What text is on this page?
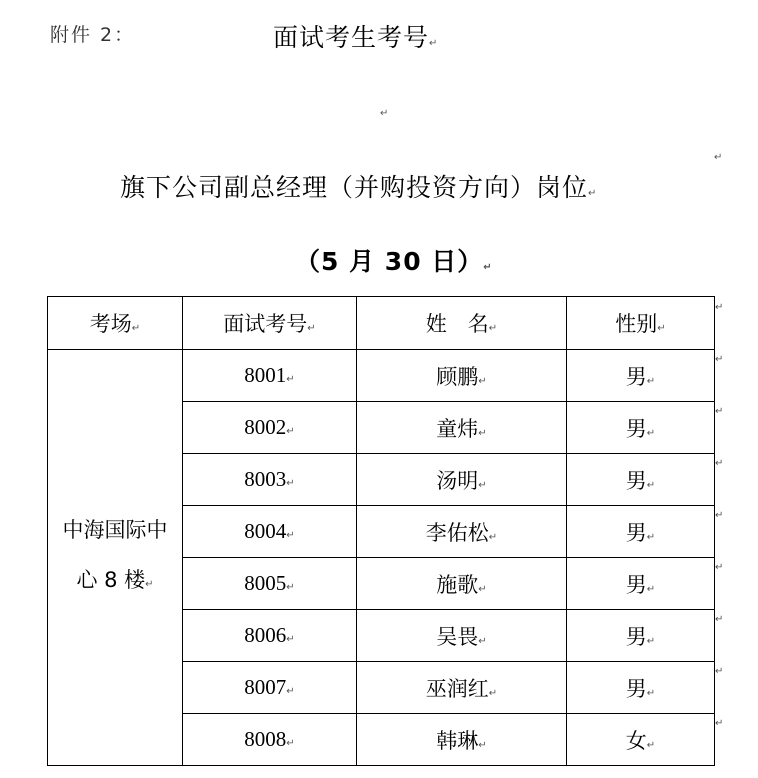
附件 2：	面试考生考号↵
↵
旗下公司副总经理（并购投资方向）岗位↵
↵
（5 月 30 日）↵
考场↵	面试考号↵	姓　名↵	性别↵

中海国际中
心 8 楼↵	8001↵	顾鹏↵	男↵
	8002↵	童炜↵	男↵
	8003↵	汤明↵	男↵
	8004↵	李佑松↵	男↵
	8005↵	施歌↵	男↵
	8006↵	吴畏↵	男↵
	8007↵	巫润红↵	男↵
	8008↵	韩琳↵	女↵
↵
↵
↵
↵
↵
↵
↵
↵
↵
